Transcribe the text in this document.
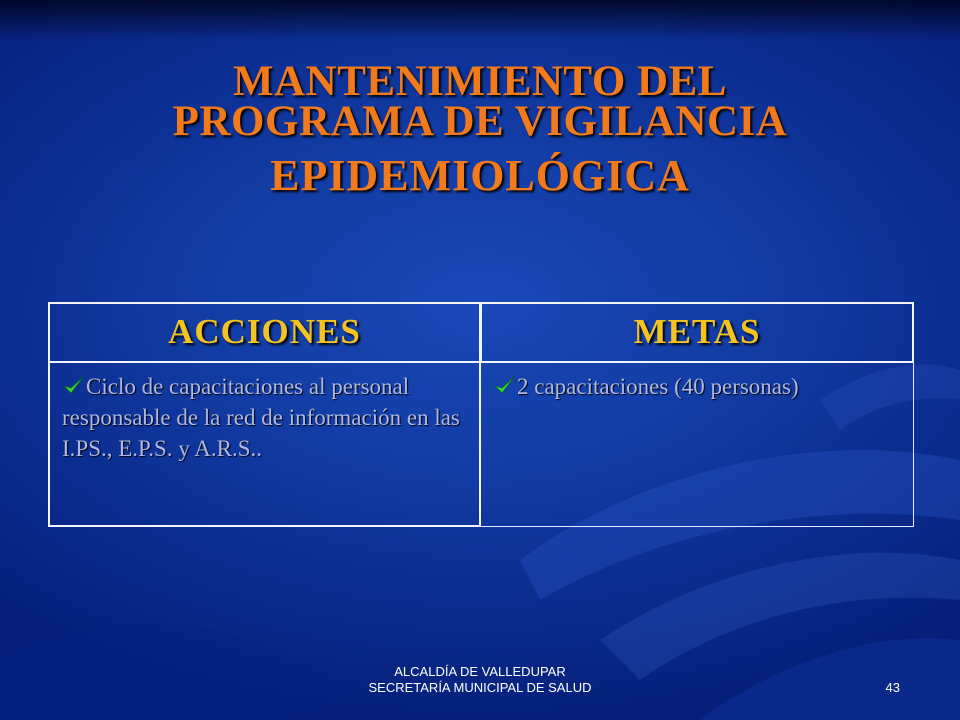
MANTENIMIENTO DEL
PROGRAMA DE VIGILANCIA
EPIDEMIOLÓGICA
ACCIONES	METAS
Ciclo de capacitaciones al personal responsable de la red de información en las I.PS., E.P.S. y A.R.S..
2 capacitaciones (40 personas)
ALCALDÍA DE VALLEDUPAR
SECRETARÍA MUNICIPAL DE SALUD	43
